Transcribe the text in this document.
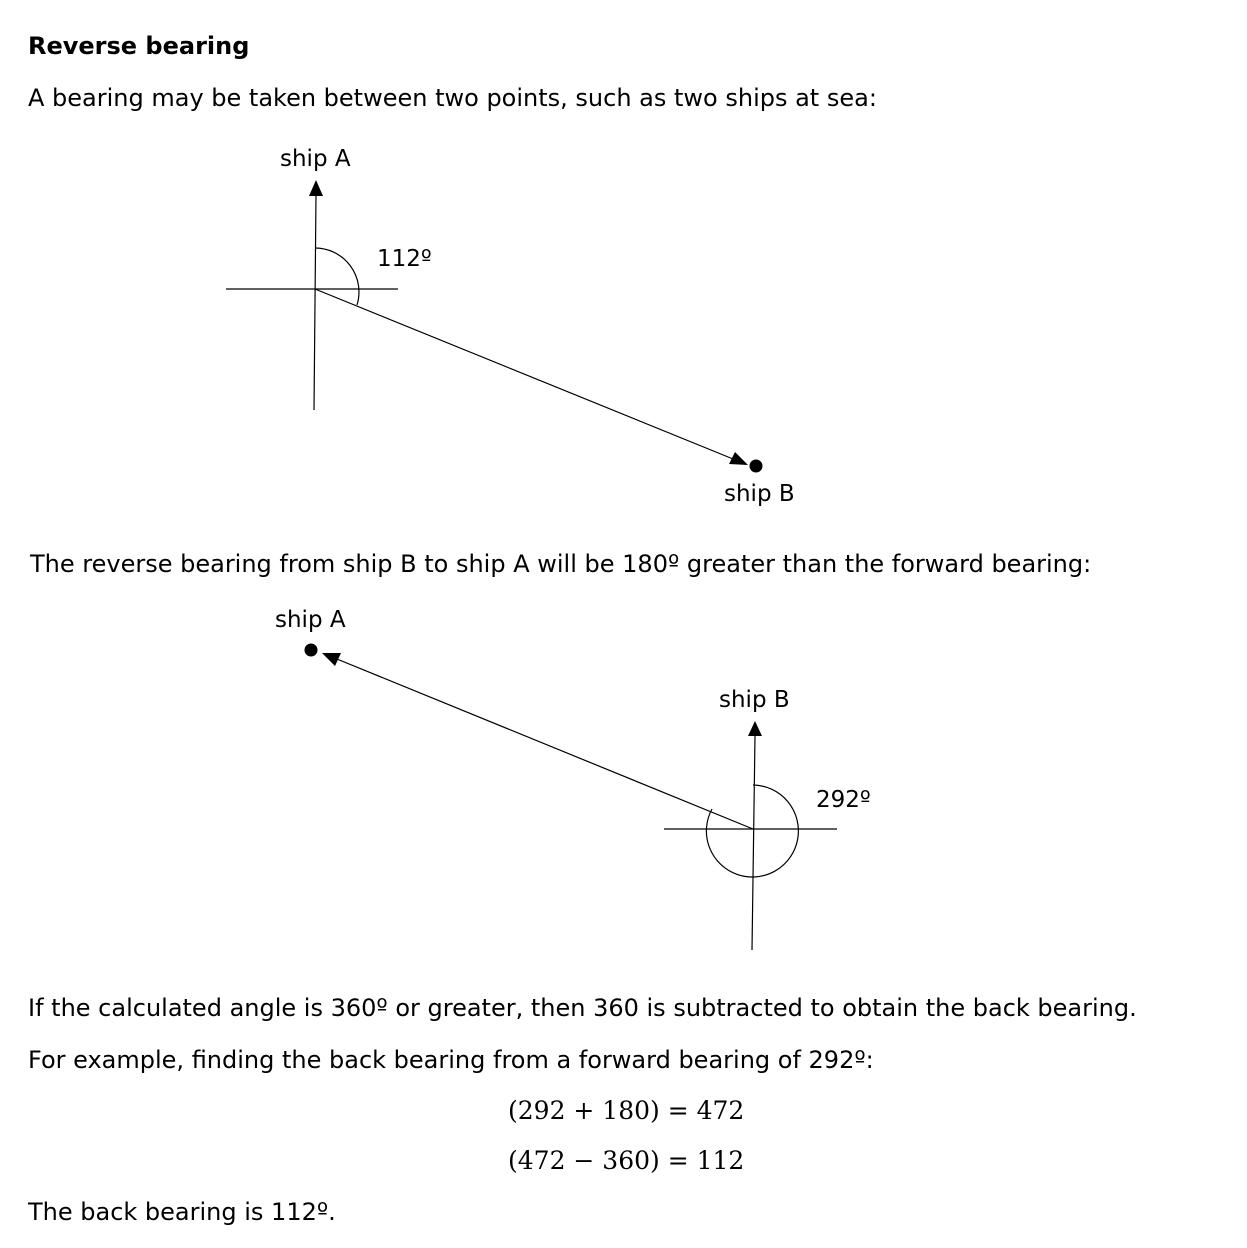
Reverse bearing
A bearing may be taken between two points, such as two ships at sea:
ship A
112º
ship B
The reverse bearing from ship B to ship A will be 180º greater than the forward bearing:
ship A
ship B
292º
If the calculated angle is 360º or greater, then 360 is subtracted to obtain the back bearing.
For example, finding the back bearing from a forward bearing of 292º:
(292 + 180) = 472
(472 − 360) = 112
The back bearing is 112º.
